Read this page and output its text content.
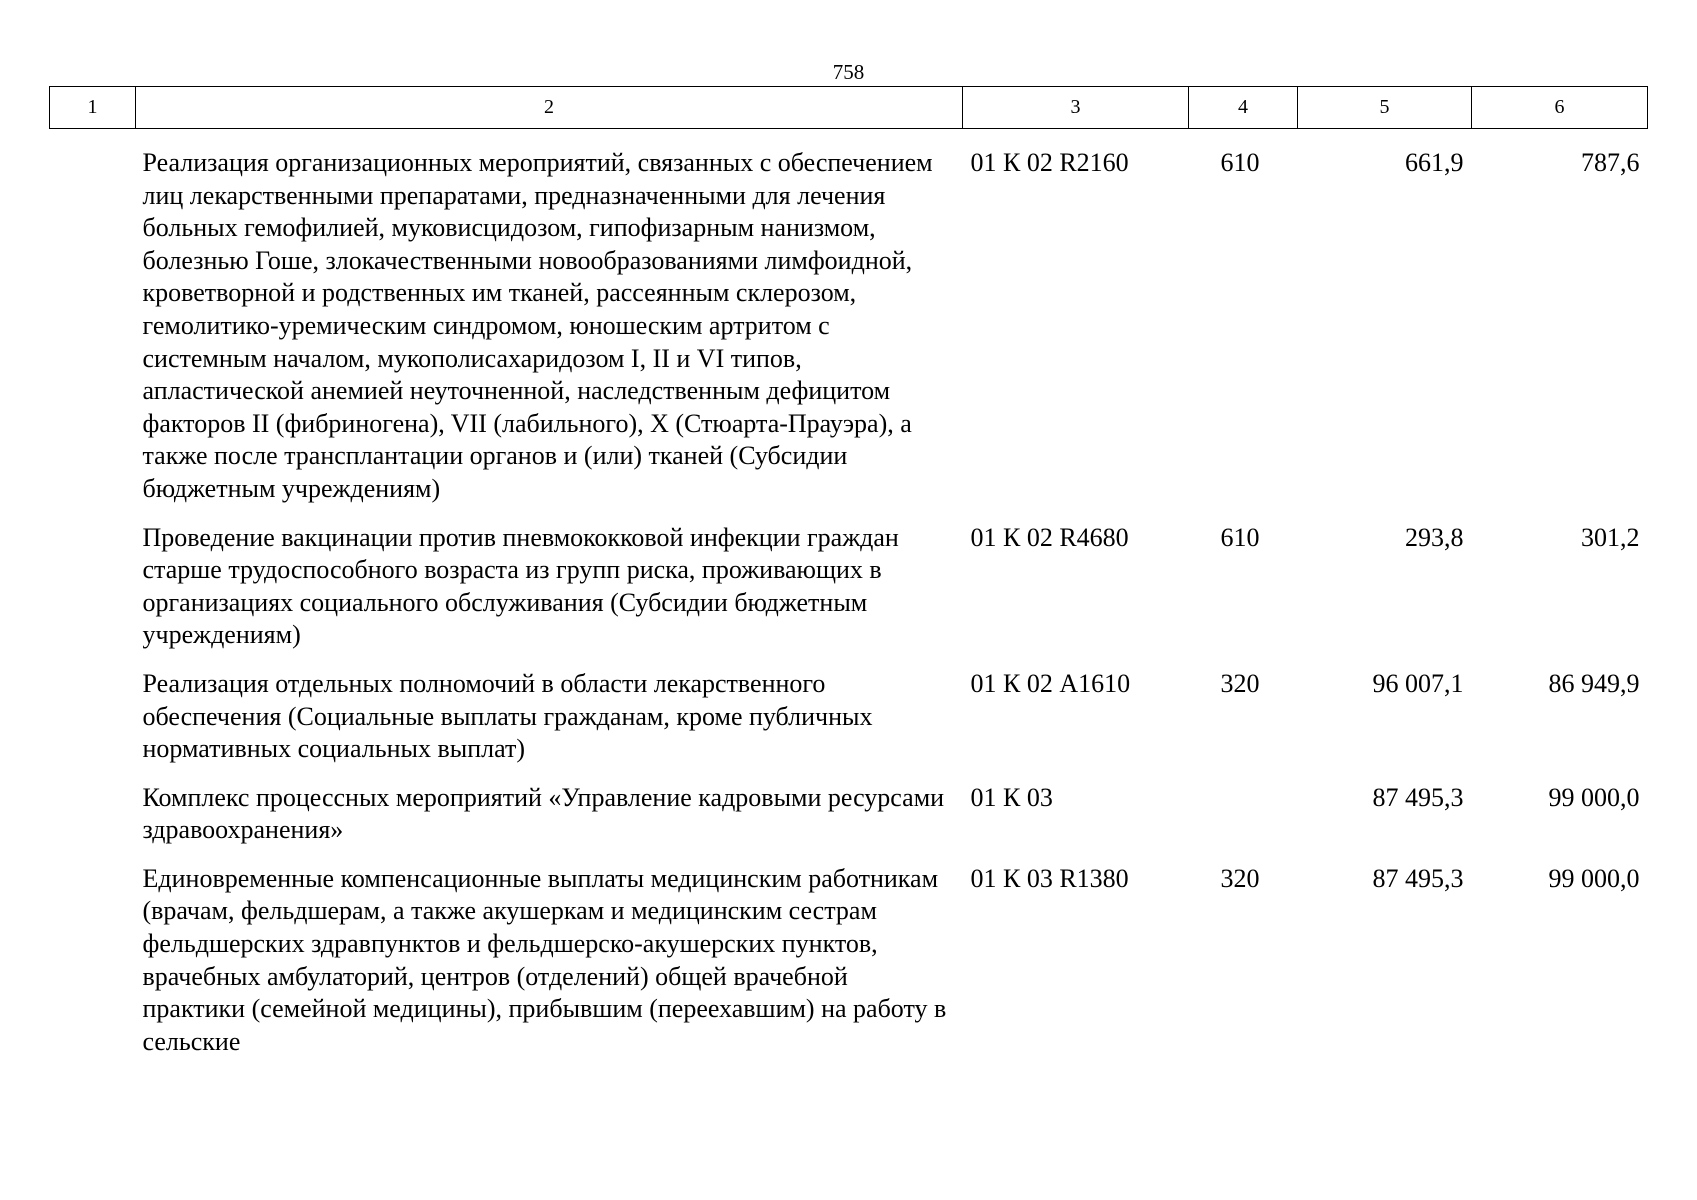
758
1	2	3	4	5	6
	Реализация организационных мероприятий, связанных с обеспечением лиц лекарственными препаратами, предназначенными для лечения больных гемофилией, муковисцидозом, гипофизарным нанизмом, болезнью Гоше, злокачественными новообразованиями лимфоидной, кроветворной и родственных им тканей, рассеянным склерозом, гемолитико-уремическим синдромом, юношеским артритом с системным началом, мукополисахаридозом I, II и VI типов, апластической анемией неуточненной, наследственным дефицитом факторов II (фибриногена), VII (лабильного), X (Стюарта-Прауэра), а также после трансплантации органов и (или) тканей (Субсидии бюджетным учреждениям)	01 К 02 R2160	610	661,9	787,6
	Проведение вакцинации против пневмококковой инфекции граждан старше трудоспособного возраста из групп риска, проживающих в организациях социального обслуживания (Субсидии бюджетным учреждениям)	01 К 02 R4680	610	293,8	301,2
	Реализация отдельных полномочий в области лекарственного обеспечения (Социальные выплаты гражданам, кроме публичных нормативных социальных выплат)	01 К 02 А1610	320	96 007,1	86 949,9
	Комплекс процессных мероприятий «Управление кадровыми ресурсами здравоохранения»	01 К 03		87 495,3	99 000,0
	Единовременные компенсационные выплаты медицинским работникам (врачам, фельдшерам, а также акушеркам и медицинским сестрам фельдшерских здравпунктов и фельдшерско-акушерских пунктов, врачебных амбулаторий, центров (отделений) общей врачебной практики (семейной медицины), прибывшим (переехавшим) на работу в сельские	01 К 03 R1380	320	87 495,3	99 000,0
